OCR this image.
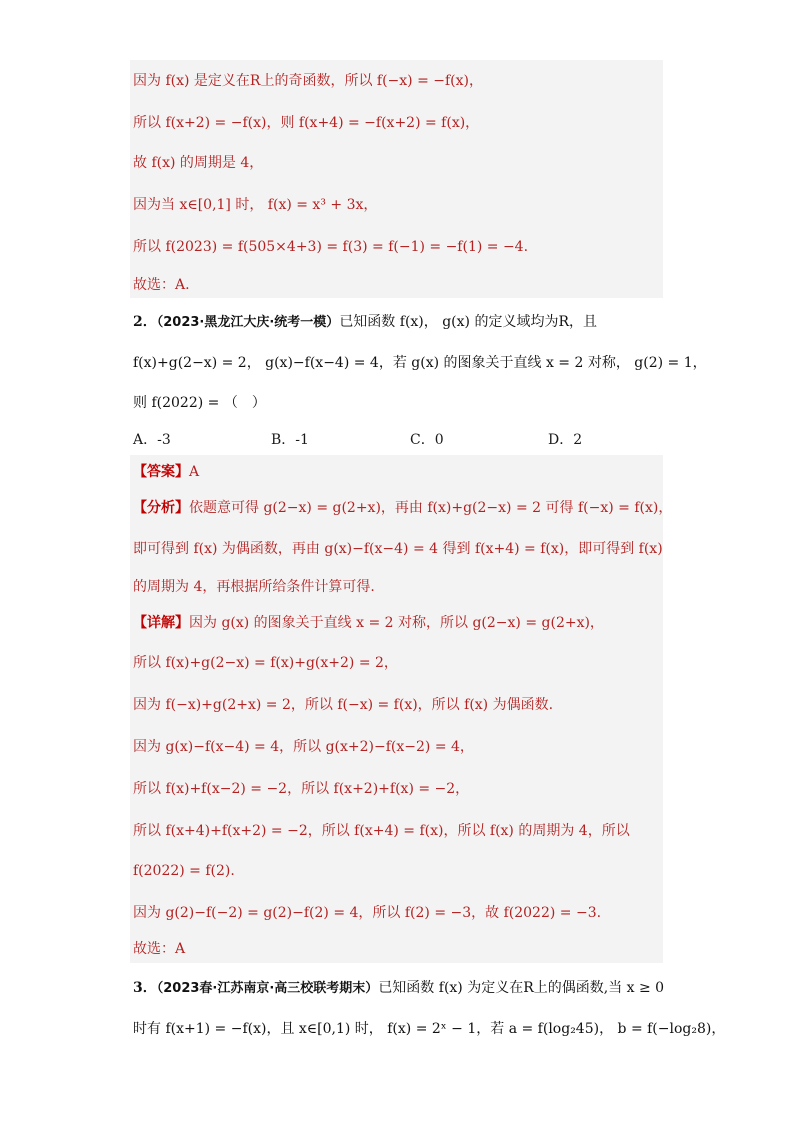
因为 f(x) 是定义在R上的奇函数，所以 f(−x) = −f(x)，
所以 f(x+2) = −f(x)，则 f(x+4) = −f(x+2) = f(x)，
故 f(x) 的周期是 4，
因为当 x∈[0,1] 时， f(x) = x³ + 3x，
所以 f(2023) = f(505×4+3) = f(3) = f(−1) = −f(1) = −4.
故选：A.
2．（2023·黑龙江大庆·统考一模）已知函数 f(x)， g(x) 的定义域均为R，且
f(x)+g(2−x) = 2， g(x)−f(x−4) = 4，若 g(x) 的图象关于直线 x = 2 对称， g(2) = 1，
则 f(2022) = （　）
A．-3	B．-1	C．0	D．2
【答案】A
【分析】依题意可得 g(2−x) = g(2+x)，再由 f(x)+g(2−x) = 2 可得 f(−x) = f(x)，
即可得到 f(x) 为偶函数，再由 g(x)−f(x−4) = 4 得到 f(x+4) = f(x)，即可得到 f(x)
的周期为 4，再根据所给条件计算可得.
【详解】因为 g(x) 的图象关于直线 x = 2 对称，所以 g(2−x) = g(2+x)，
所以 f(x)+g(2−x) = f(x)+g(x+2) = 2，
因为 f(−x)+g(2+x) = 2，所以 f(−x) = f(x)，所以 f(x) 为偶函数.
因为 g(x)−f(x−4) = 4，所以 g(x+2)−f(x−2) = 4，
所以 f(x)+f(x−2) = −2，所以 f(x+2)+f(x) = −2，
所以 f(x+4)+f(x+2) = −2，所以 f(x+4) = f(x)，所以 f(x) 的周期为 4，所以
f(2022) = f(2).
因为 g(2)−f(−2) = g(2)−f(2) = 4，所以 f(2) = −3，故 f(2022) = −3.
故选：A
3．（2023春·江苏南京·高三校联考期末）已知函数 f(x) 为定义在R上的偶函数,当 x ≥ 0
时有 f(x+1) = −f(x)，且 x∈[0,1) 时， f(x) = 2ˣ − 1，若 a = f(log₂45)， b = f(−log₂8)，
